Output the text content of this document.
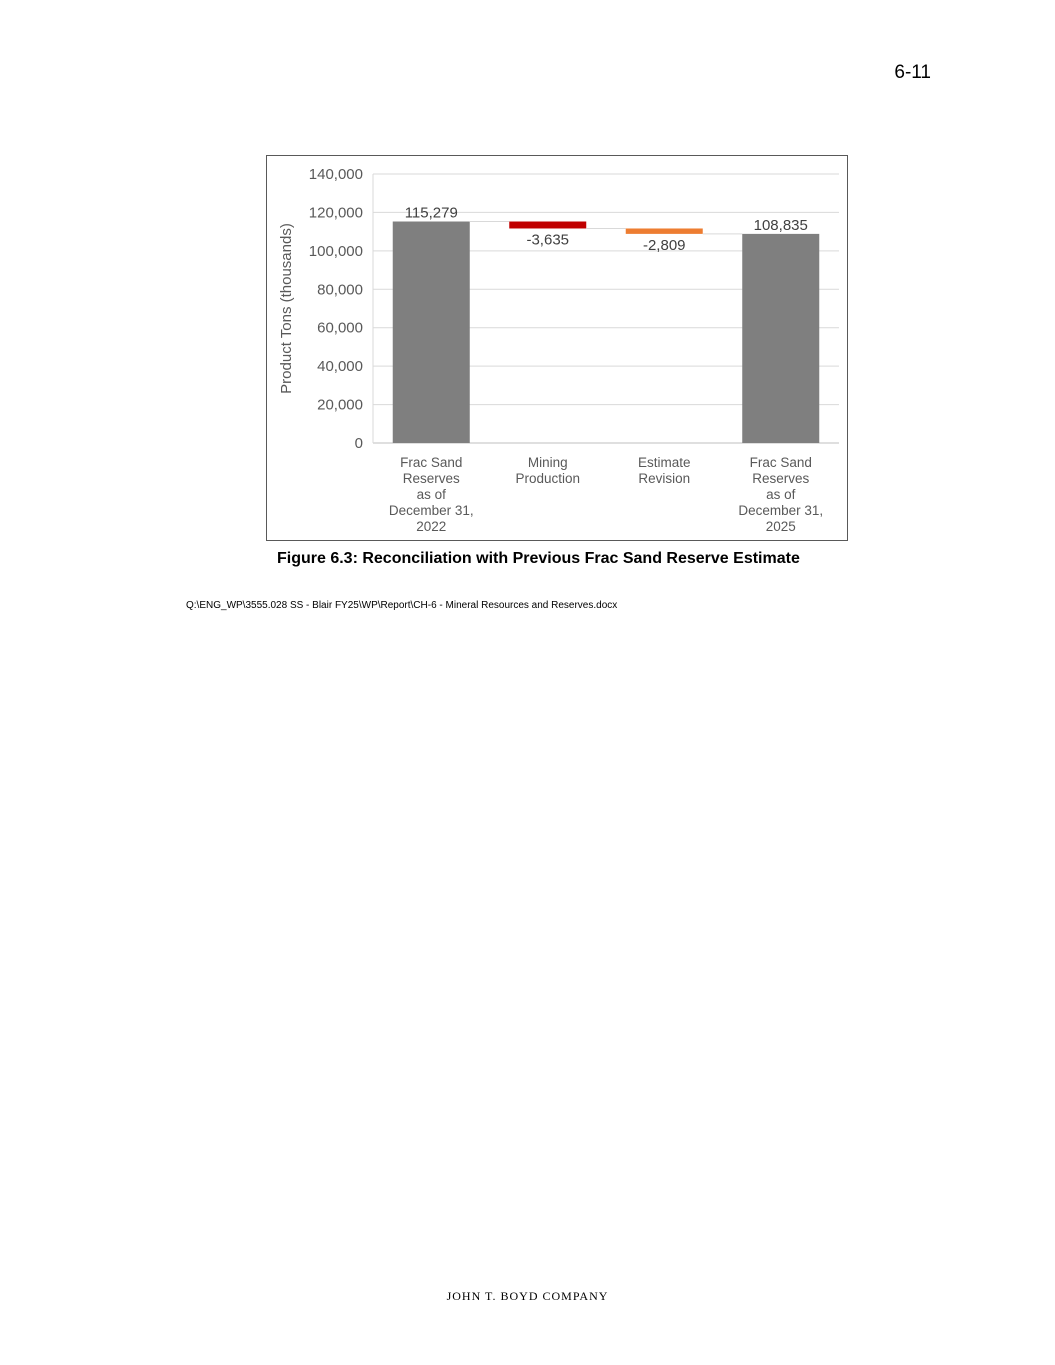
6-11
0
20,000
40,000
60,000
80,000
100,000
120,000
140,000
Product Tons (thousands)
115,279
Frac Sand
Reserves
as of
December 31,
2022
-3,635
Mining
Production
-2,809
Estimate
Revision
108,835
Frac Sand
Reserves
as of
December 31,
2025
Figure 6.3: Reconciliation with Previous Frac Sand Reserve Estimate
Q:\ENG_WP\3555.028 SS - Blair FY25\WP\Report\CH-6 - Mineral Resources and Reserves.docx
JOHN T. BOYD COMPANY
